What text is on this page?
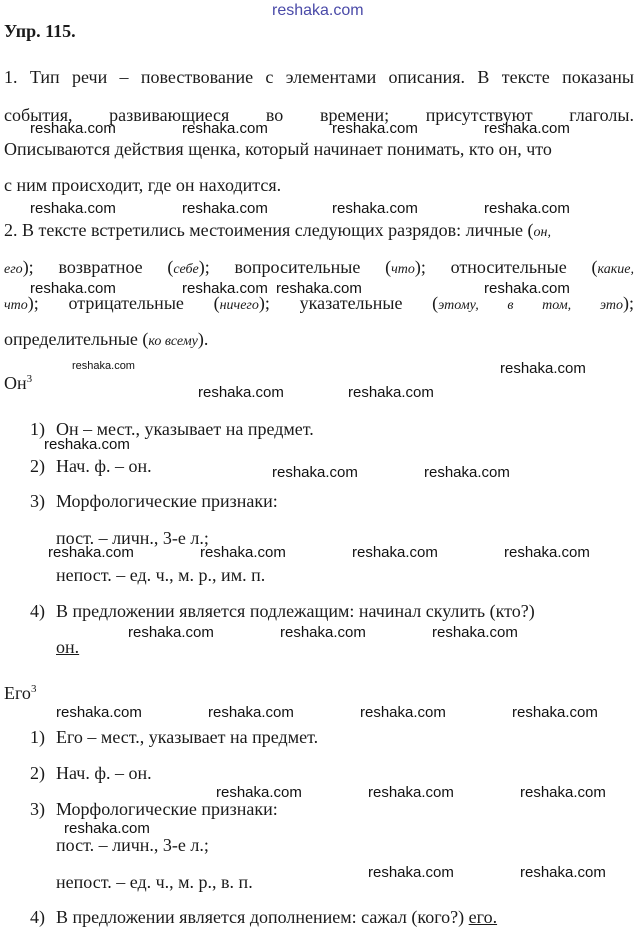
reshaka.com
Упр. 115.
1. Тип речи – повествование с элементами описания. В тексте показаны
события, развивающиеся во времени; присутствуют глаголы.
Описываются действия щенка, который начинает понимать, кто он, что
с ним происходит, где он находится.
2. В тексте встретились местоимения следующих разрядов: личные (он,
его); возвратное (себе); вопросительные (что); относительные (какие,
что); отрицательные (ничего); указательные (этому, в том, это);
определительные (ко всему).
$Он^3$
1) Он – мест., указывает на предмет.
2) Нач. ф. – он.
3) Морфологические признаки:
пост. – личн., 3-е л.;
непост. – ед. ч., м. р., им. п.
4) В предложении является подлежащим: начинал скулить (кто?)
он.
Его$^3$
1) Его – мест., указывает на предмет.
2) Нач. ф. – он.
3) Морфологические признаки:
пост. – личн., 3-е л.;
непост. – ед. ч., м. р., в. п.
4) В предложении является дополнением: сажал (кого?) его.
reshaka.com	reshaka.com	reshaka.com	reshaka.com
reshaka.com	reshaka.com	reshaka.com	reshaka.com
reshaka.com	reshaka.com reshaka.com	reshaka.com
reshaka.com	reshaka.com
reshaka.com	reshaka.com
reshaka.com
reshaka.com	reshaka.com
reshaka.com	reshaka.com	reshaka.com	reshaka.com
reshaka.com	reshaka.com	reshaka.com
reshaka.com	reshaka.com	reshaka.com	reshaka.com
reshaka.com	reshaka.com	reshaka.com
reshaka.com
reshaka.com	reshaka.com
